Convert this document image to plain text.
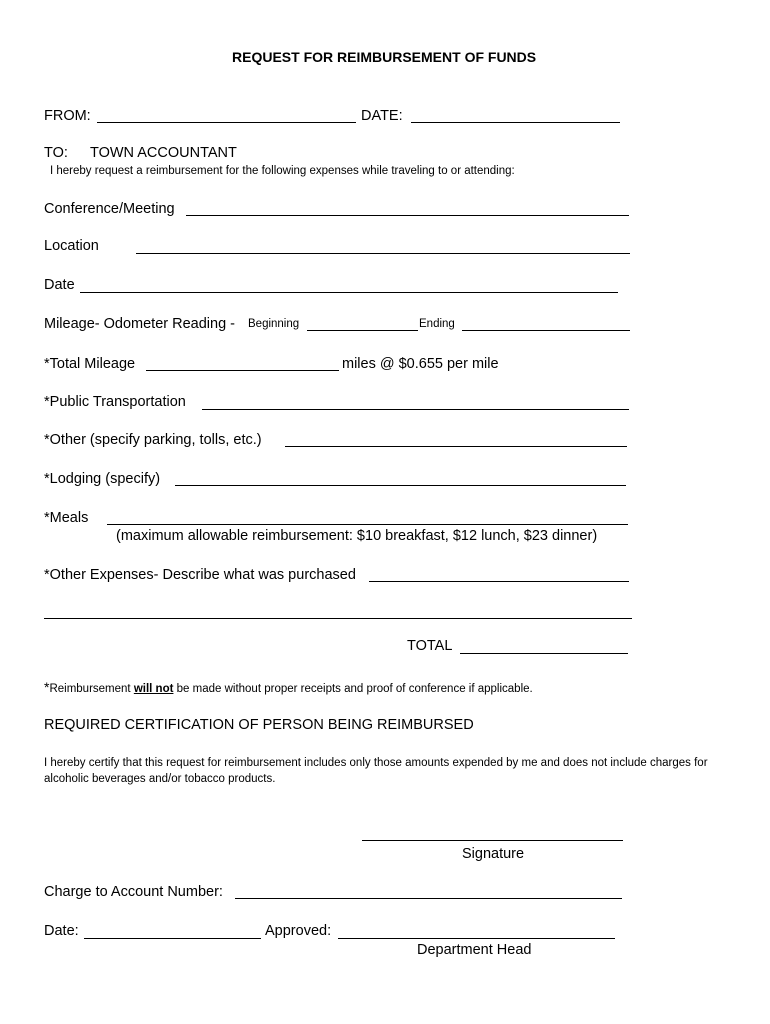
REQUEST FOR REIMBURSEMENT OF FUNDS
FROM:	DATE:
TO: TOWN ACCOUNTANT
I hereby request a reimbursement for the following expenses while traveling to or attending:
Conference/Meeting
Location
Date
Mileage- Odometer Reading - Beginning	Ending
*Total Mileage	miles @ $0.655 per mile
*Public Transportation
*Other (specify parking, tolls, etc.)
*Lodging (specify)
*Meals
(maximum allowable reimbursement: $10 breakfast, $12 lunch, $23 dinner)
*Other Expenses- Describe what was purchased
TOTAL
*Reimbursement will not be made without proper receipts and proof of conference if applicable.
REQUIRED CERTIFICATION OF PERSON BEING REIMBURSED
I hereby certify that this request for reimbursement includes only those amounts expended by me and does not include charges for alcoholic beverages and/or tobacco products.
Signature
Charge to Account Number:
Date:	Approved:
Department Head
